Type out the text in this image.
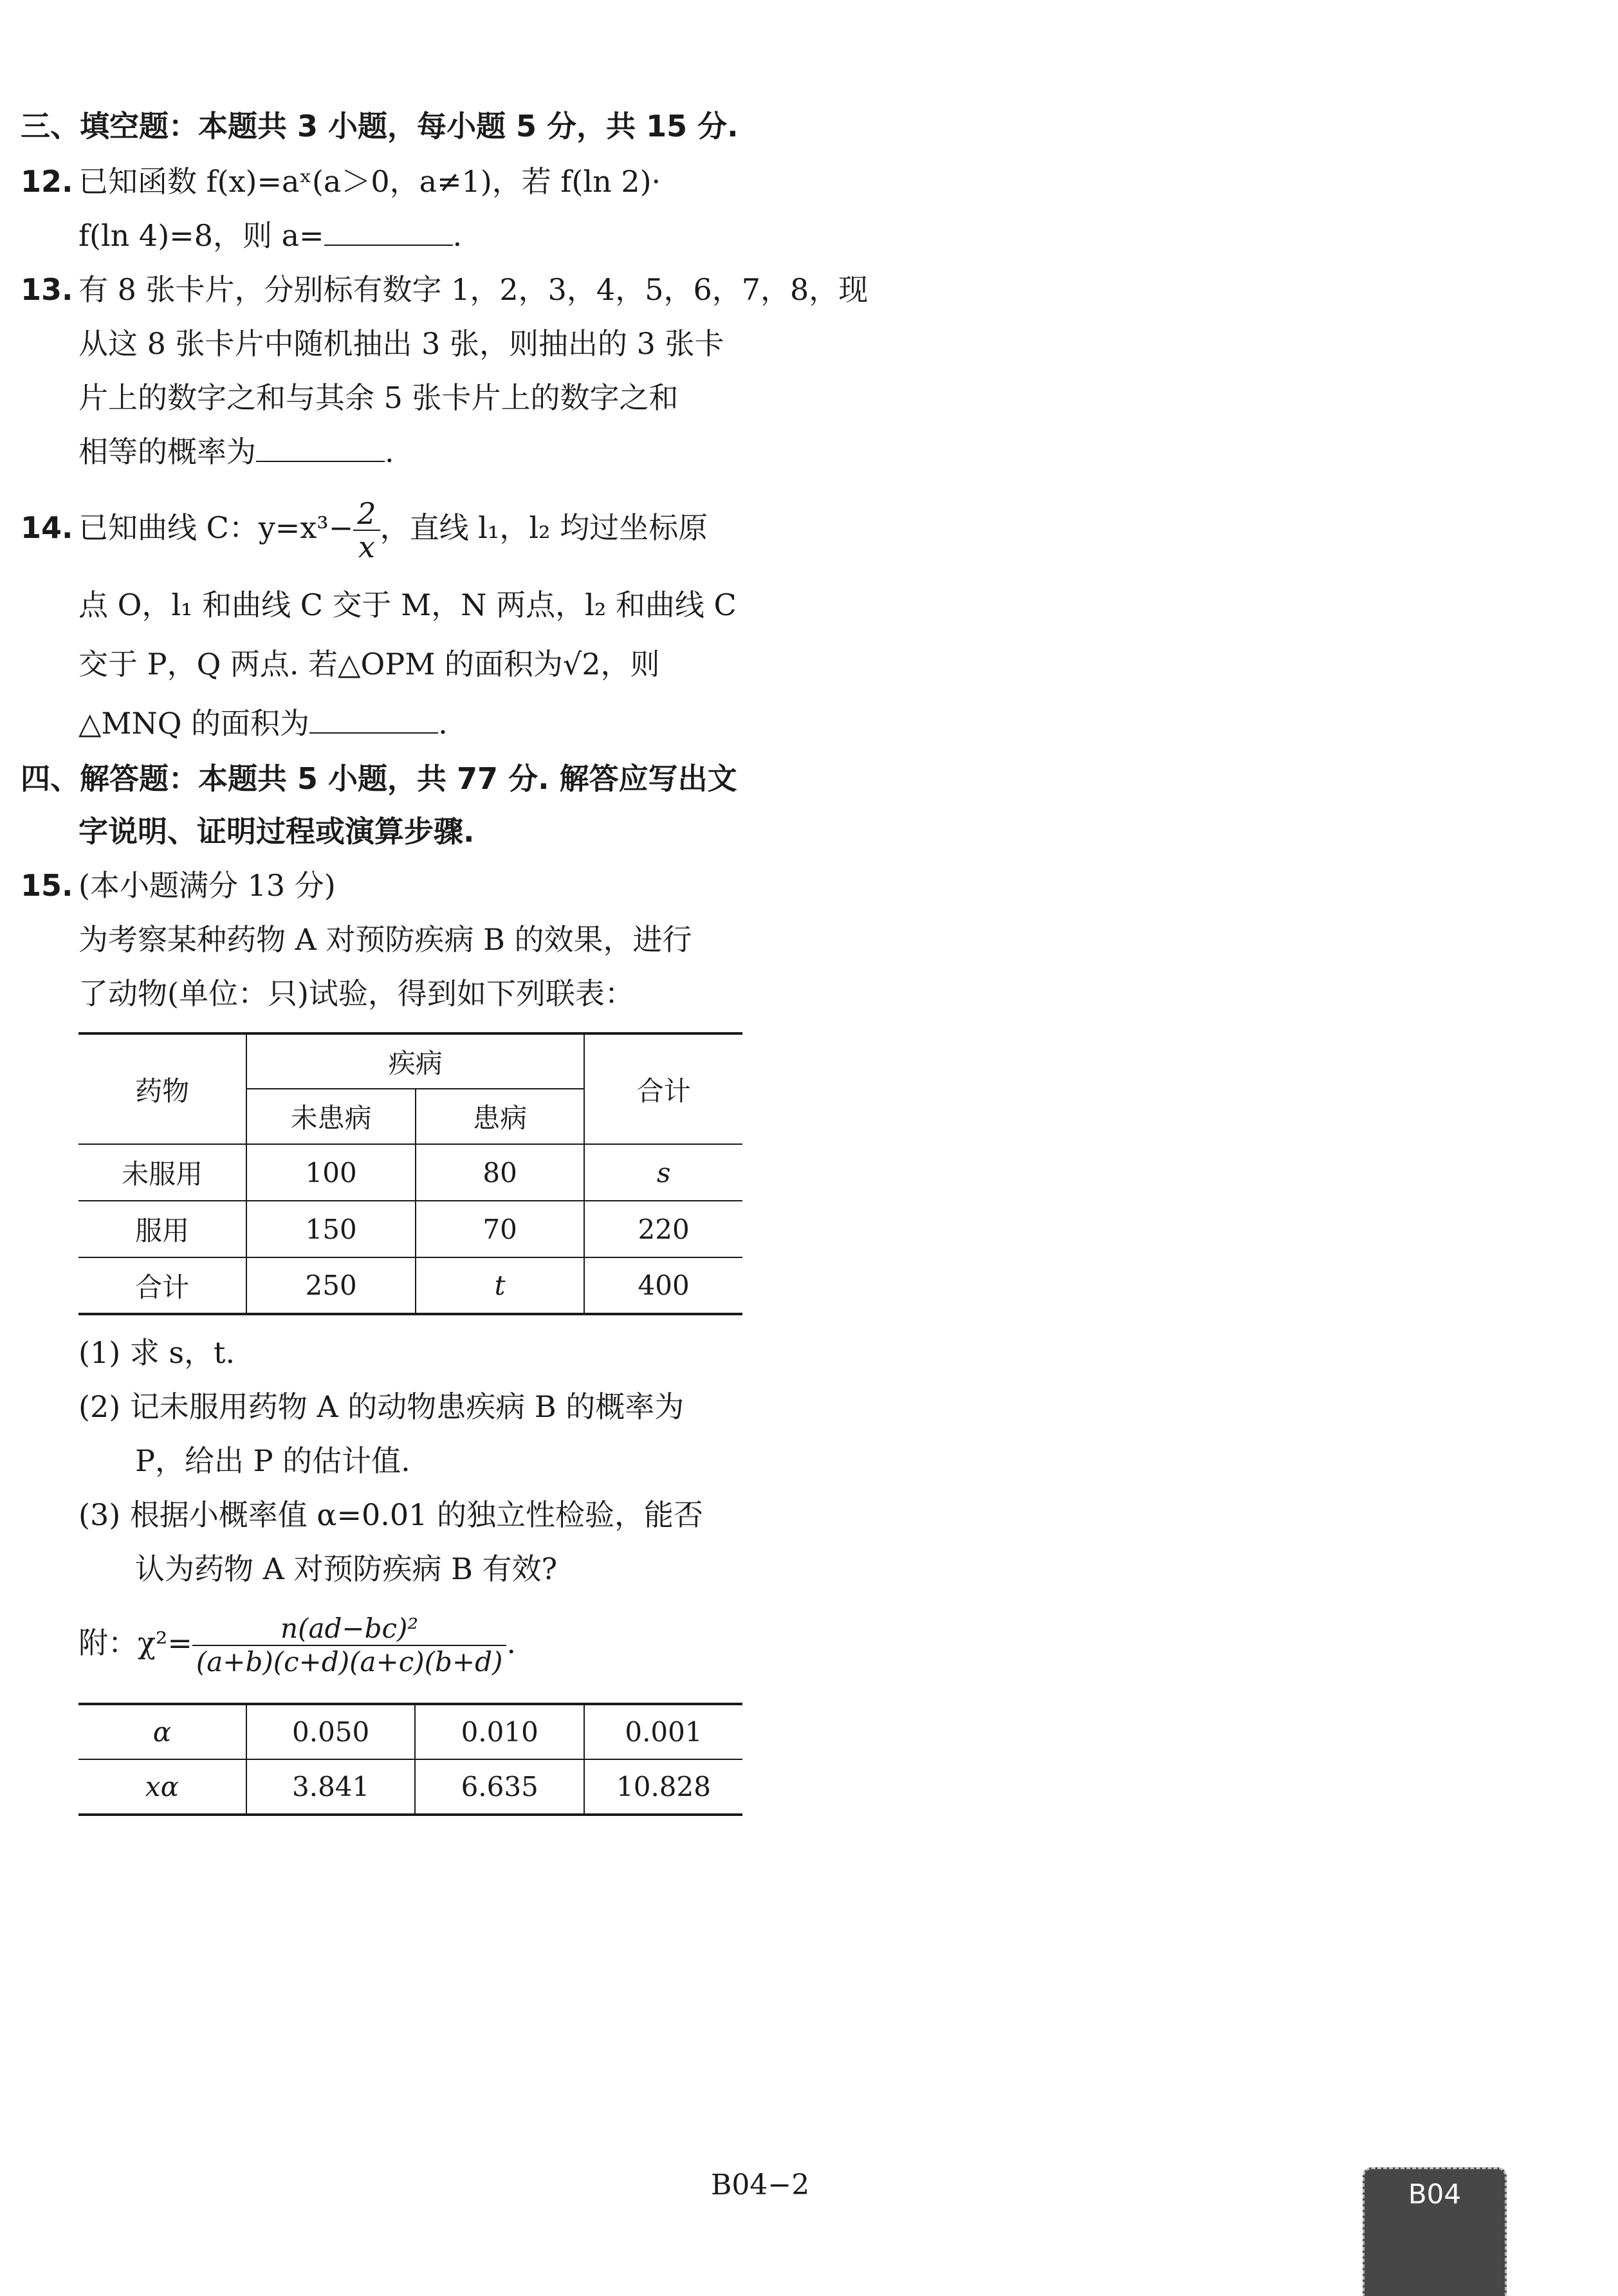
三、填空题：本题共 3 小题，每小题 5 分，共 15 分.
12. 已知函数 f(x)=aˣ(a＞0，a≠1)，若 f(ln 2)·
f(ln 4)=8，则 a=	.
13. 有 8 张卡片，分别标有数字 1，2，3，4，5，6，7，8，现
从这 8 张卡片中随机抽出 3 张，则抽出的 3 张卡
片上的数字之和与其余 5 张卡片上的数字之和
相等的概率为	.
14. 已知曲线 C：$y=x^3- \frac{2}{x}$ ，直线 l₁，l₂ 均过坐标原
点 O，l₁ 和曲线 C 交于 M，N 两点，l₂ 和曲线 C
交于 P，Q 两点. 若△OPM 的面积为√2，则
△MNQ 的面积为	.
四、解答题：本题共 5 小题，共 77 分. 解答应写出文
字说明、证明过程或演算步骤.
15. (本小题满分 13 分)
为考察某种药物 A 对预防疾病 B 的效果，进行
了动物(单位：只)试验，得到如下列联表：
药物	疾病		合计
	未患病	患病	
未服用	100	80	s
服用	150	70	220
合计	250	t	400
(1) 求 s，t.
(2) 记未服用药物 A 的动物患疾病 B 的概率为
P，给出 P 的估计值.
(3) 根据小概率值 α=0.01 的独立性检验，能否
认为药物 A 对预防疾病 B 有效?
附：$\chi^2= \frac{\text{n(ad−bc)²}}{(a+b)(c+d)(a+c)(b+d)}$ .
α	0.050	0.010	0.001
xα	3.841	6.635	10.828
B04−2	B04
